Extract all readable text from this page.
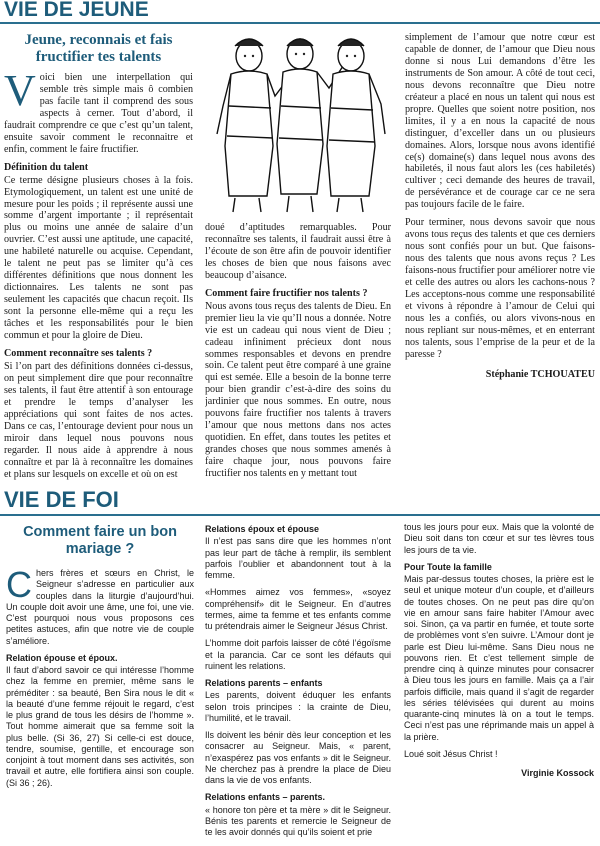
VIE DE JEUNE
Jeune, reconnais et fais fructifier tes talents

Voici bien une interpellation qui semble très simple mais ô combien pas facile tant il comprend des sous aspects à cerner. Tout d’abord, il faudrait comprendre ce que c’est qu’un talent, ensuite savoir comment le reconnaitre et enfin, comment le faire fructifier.

Définition du talent

Ce terme désigne plusieurs choses à la fois. Etymologiquement, un talent est une unité de mesure pour les poids ; il représente aussi une somme d’argent importante ; il représentait plus ou moins une année de salaire d’un ouvrier. C’est aussi une aptitude, une capacité, une habileté naturelle ou acquise. Cependant, le talent ne peut pas se limiter qu’à ces différentes définitions que nous donnent les dictionnaires. Les talents ne sont pas seulement les capacités que chacun reçoit. Ils sont la personne elle-même qui a reçu les tâches et les responsabilités pour le bien commun et pour la gloire de Dieu.

Comment reconnaître ses talents ?

Si l’on part des définitions données ci-dessus, on peut simplement dire que pour reconnaître ses talents, il faut être attentif à son entourage et prendre le temps d’analyser les appréciations qui sont faites de nos actes. Dans ce cas, l’entourage devient pour nous un miroir dans lequel nous pouvons nous regarder. Il nous aide à apprendre à nous connaître et par là à reconnaître les domaines et plans sur lesquels on excelle et où on est

doué d’aptitudes remarquables. Pour reconnaître ses talents, il faudrait aussi être à l’écoute de son être afin de pouvoir identifier les choses de bien que nous faisons avec beaucoup d’aisance.

Comment faire fructifier nos talents ?

Nous avons tous reçus des talents de Dieu. En premier lieu la vie qu’Il nous a donnée. Notre vie est un cadeau qui nous vient de Dieu ; cadeau infiniment précieux dont nous sommes responsables et devons en prendre soin. Ce talent peut être comparé à une graine qui est semée. Elle a besoin de la bonne terre pour bien grandir c’est-à-dire des soins du jardinier que nous sommes. En outre, nous pouvons faire fructifier nos talents à travers l’amour que nous mettons dans nos actes quotidien. En effet, dans toutes les petites et grandes choses que nous sommes amenés à faire chaque jour, nous pouvons faire fructifier nos talents en y mettant tout

simplement de l’amour que notre cœur est capable de donner, de l’amour que Dieu nous donne si nous Lui demandons d’être les instruments de Son amour. A côté de tout ceci, nous devons reconnaître que Dieu notre créateur a placé en nous un talent qui nous est propre. Quelles que soient notre position, nos limites, il y a en nous la capacité de nous distinguer, d’exceller dans un ou plusieurs domaines. Alors, lorsque nous avons identifié ce(s) domaine(s) dans lequel nous avons des habiletés, il nous faut alors les (ces habiletés) cultiver ; ceci demande des heures de travail, de persévérance et de courage car ce ne sera pas toujours facile de le faire.

Pour terminer, nous devons savoir que nous avons tous reçus des talents et que ces derniers nous sont confiés pour un but. Que faisons-nous des talents que nous avons reçus ? Les faisons-nous fructifier pour améliorer notre vie et celle des autres ou alors les cachons-nous ? Les acceptons-nous comme une responsabilité et vivons à répondre à l’amour de Celui qui nous les a confiés, ou alors vivons-nous en nous repliant sur nous-mêmes, et en enterrant nos talents, sous l’emprise de la peur et de la paresse ?

Stéphanie TCHOUATEU

VIE DE FOI
Comment faire un bon mariage ?

Chers frères et sœurs en Christ, le Seigneur s’adresse en particulier aux couples dans la liturgie d’aujourd’hui. Un couple doit avoir une âme, une foi, une vie. C’est pourquoi nous vous proposons ces petites astuces, afin que notre vie de couple s’améliore.

Relation épouse et époux.

Il faut d’abord savoir ce qui intéresse l’homme chez la femme en premier, même sans le préméditer : sa beauté, Ben Sira nous le dit « la beauté d’une femme réjouit le regard, c’est le plus grand de tous les désirs de l’homme ». Tout homme aimerait que sa femme soit la plus belle. (Si 36, 27) Si celle-ci est douce, tendre, soumise, gentille, et encourage son conjoint à tout moment dans ses activités, son travail et autre, elle fortifiera ainsi son couple. (Si 36 ; 26).

Relations époux et épouse

Il n’est pas sans dire que les hommes n’ont pas leur part de tâche à remplir, ils semblent parfois l’oublier et abandonnent tout à la femme.

«Hommes aimez vos femmes», «soyez compréhensif» dit le Seigneur. En d’autres termes, aime ta femme et tes enfants comme tu prétendrais aimer le Seigneur Jésus Christ.

L’homme doit parfois laisser de côté l’égoïsme et la parancia. Car ce sont les défauts qui ruinent les relations.

Relations parents – enfants

Les parents, doivent éduquer les enfants selon trois principes : la crainte de Dieu, l’humilité, et le travail.

Ils doivent les bénir dès leur conception et les consacrer au Seigneur. Mais, « parent, n’exaspérez pas vos enfants » dit le Seigneur. Ne cherchez pas à prendre la place de Dieu dans la vie de vos enfants.

Relations enfants – parents.

« honore ton père et ta mère » dit le Seigneur. Bénis tes parents et remercie le Seigneur de te les avoir donnés qui qu’ils soient et prie

tous les jours pour eux. Mais que la volonté de Dieu soit dans ton cœur et sur tes lèvres tous les jours de ta vie.

Pour Toute la famille

Mais par-dessus toutes choses, la prière est le seul et unique moteur d’un couple, et d’ailleurs de toutes choses. On ne peut pas dire qu’on vie en amour sans faire habiter l’Amour avec soi. Sinon, ça va partir en fumée, et toute sorte de problèmes vont s’en suivre. L’Amour dont je parle est Dieu lui-même. Sans Dieu nous ne pouvons rien. Et c’est tellement simple de prendre cinq à quinze minutes pour consacrer à Dieu tous les jours en famille. Mais ça a l’air parfois difficile, mais quand il s’agit de regarder les séries télévisées qui durent au moins quarante-cinq minutes là on a tout le temps. Ceci n’est pas une réprimande mais un appel à la prière.

Loué soit Jésus Christ !

Virginie Kossock
